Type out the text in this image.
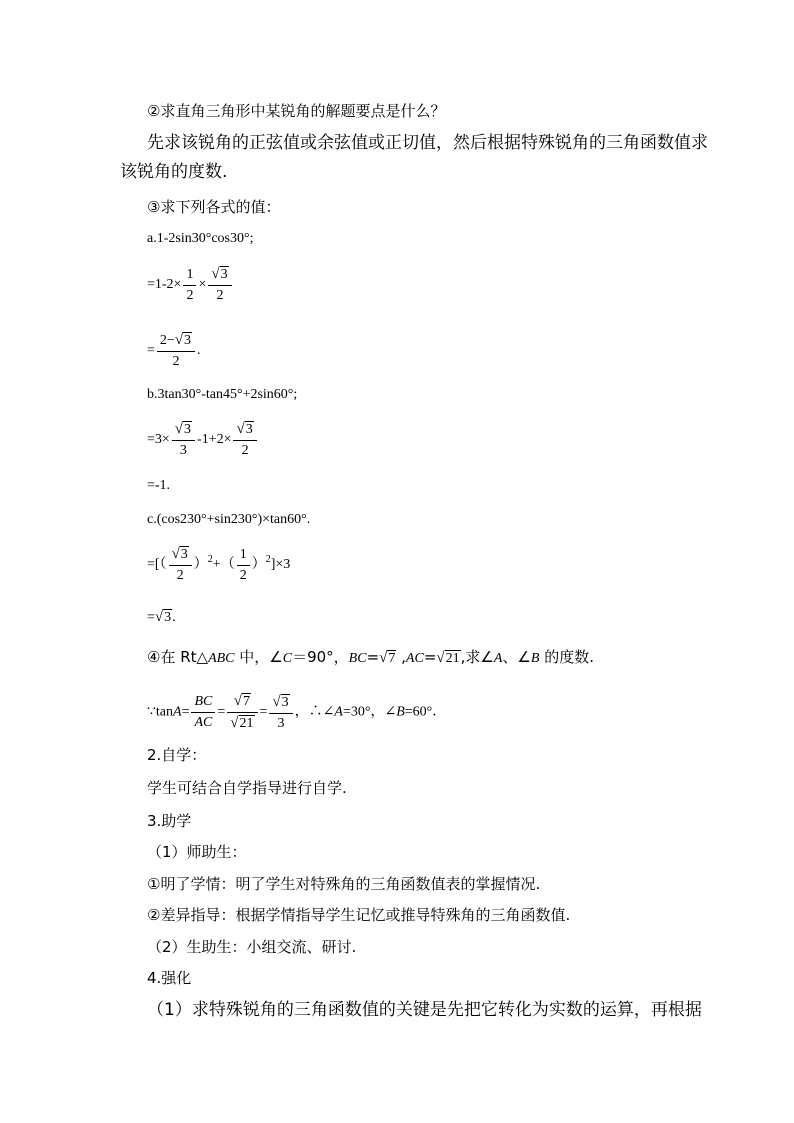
②求直角三角形中某锐角的解题要点是什么？
先求该锐角的正弦值或余弦值或正切值，然后根据特殊锐角的三角函数值求
该锐角的度数.
③求下列各式的值：
a.1-2sin30°cos30°;
$=1-2\times \frac{1}{2} \times \frac{√3}{2}$
= $\frac{2-√3}{2}$ .
b.3tan30°-tan45°+2sin60°;
$=3\times \frac{√3}{3} -1+2\times \frac{√3}{2}$
=-1.
c.(cos230°+sin230°)×tan60°.
=[（ $\frac{√3}{2} )^2+( \frac{1}{2} )^2]\times 3$
=√3.
④在 Rt△ABC 中，∠C＝90°，BC=√7 ,AC=√21,求∠A、∠B 的度数.
∵tanA= $\frac{BC}{AC} = \frac{√7}{√21} = \frac{√3}{3}$ ，∴∠A=30°，∠B=60°．
2.自学：
学生可结合自学指导进行自学.
3.助学
（1）师助生：
①明了学情：明了学生对特殊角的三角函数值表的掌握情况.
②差异指导：根据学情指导学生记忆或推导特殊角的三角函数值.
（2）生助生：小组交流、研讨.
4.强化
（1）求特殊锐角的三角函数值的关键是先把它转化为实数的运算，再根据
